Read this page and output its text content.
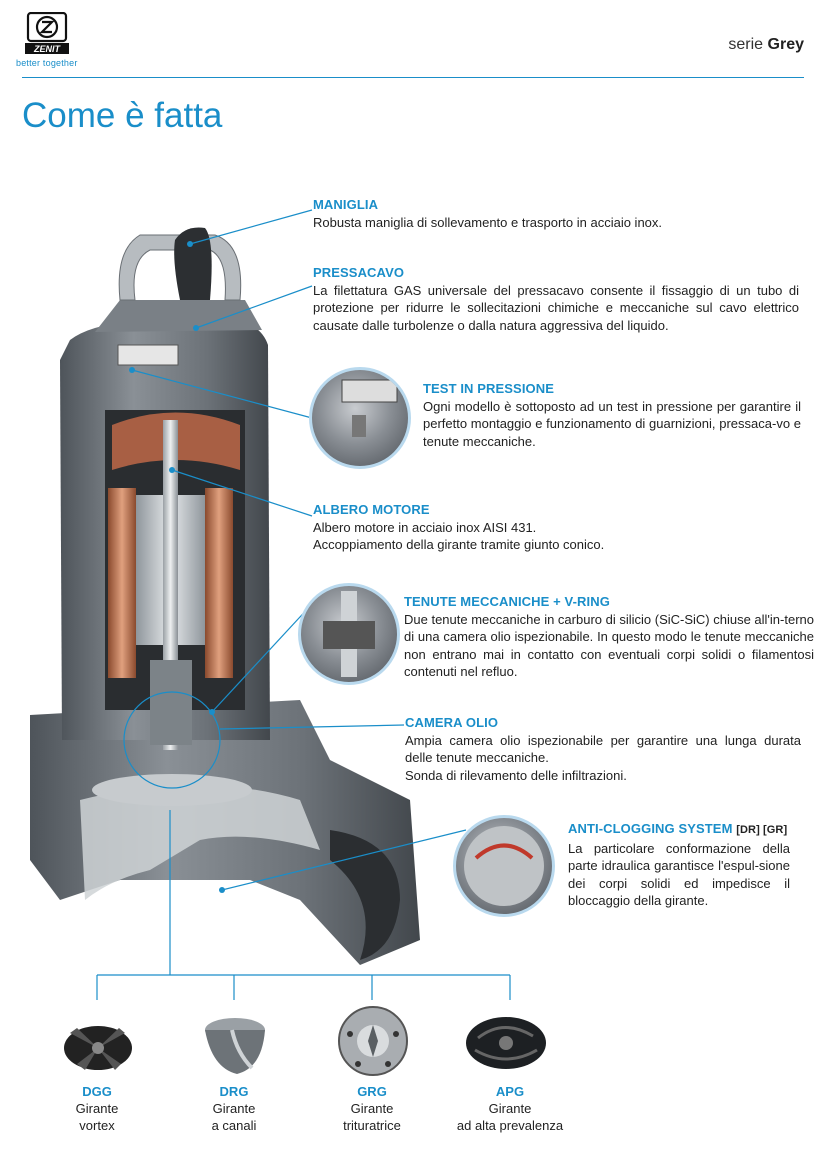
ZENIT
better together
serie Grey
Come è fatta
MANIGLIA
Robusta maniglia di sollevamento e trasporto in acciaio inox.
PRESSACAVO
La filettatura GAS universale del pressacavo consente il fissaggio di un tubo di protezione per ridurre le sollecitazioni chimiche e meccaniche sul cavo elettrico causate dalle turbolenze o dalla natura aggressiva del liquido.
TEST IN PRESSIONE
Ogni modello è sottoposto ad un test in pressione per garantire il perfetto montaggio e funzionamento di guarnizioni, pressaca-vo e tenute meccaniche.
ALBERO MOTORE
Albero motore in acciaio inox AISI 431.
Accoppiamento della girante tramite giunto conico.
TENUTE MECCANICHE + V-RING
Due tenute meccaniche in carburo di silicio (SiC-SiC) chiuse all'in-terno di una camera olio ispezionabile. In questo modo le tenute meccaniche non entrano mai in contatto con eventuali corpi solidi o filamentosi contenuti nel refluo.
CAMERA OLIO
Ampia camera olio ispezionabile per garantire una lunga durata delle tenute meccaniche.
Sonda di rilevamento delle infiltrazioni.
ANTI-CLOGGING SYSTEM [DR] [GR]
La particolare conformazione della parte idraulica garantisce l'espul-sione dei corpi solidi ed impedisce il bloccaggio della girante.
DGG
Girante
vortex
DRG
Girante
a canali
GRG
Girante
trituratrice
APG
Girante
ad alta prevalenza
